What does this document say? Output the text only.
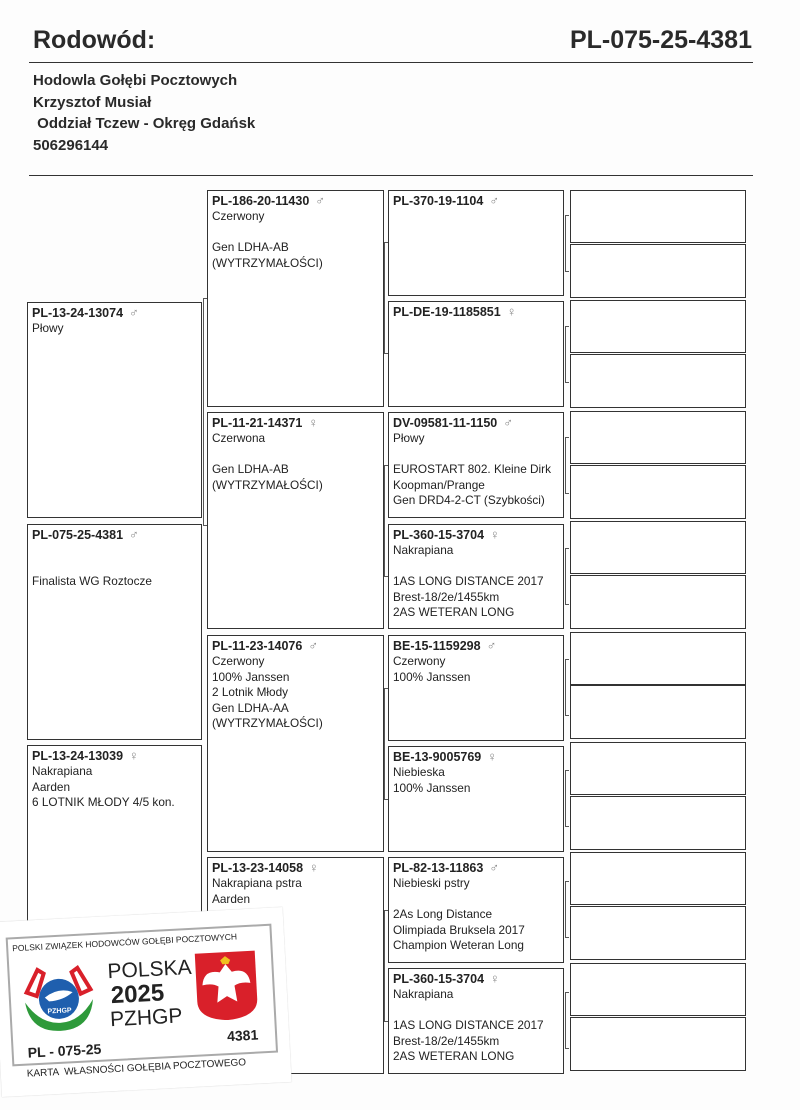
Rodowód:	PL-075-25-4381
Hodowla Gołębi Pocztowych
Krzysztof Musiał
Oddział Tczew - Okręg Gdańsk
506296144
PL-13-24-13074 ♂
Płowy
PL-075-25-4381 ♂
Finalista WG Roztocze
PL-13-24-13039 ♀
Nakrapiana
Aarden
6 LOTNIK MŁODY 4/5 kon.
PL-186-20-11430 ♂
Czerwony
Gen LDHA-AB
(WYTRZYMAŁOŚCI)
PL-11-21-14371 ♀
Czerwona
Gen LDHA-AB
(WYTRZYMAŁOŚCI)
PL-11-23-14076 ♂
Czerwony
100% Janssen
2 Lotnik Młody
Gen LDHA-AA
(WYTRZYMAŁOŚCI)
PL-13-23-14058 ♀
Nakrapiana pstra
Aarden
PL-370-19-1104 ♂
PL-DE-19-1185851 ♀
DV-09581-11-1150 ♂
Płowy
EUROSTART 802. Kleine Dirk
Koopman/Prange
Gen DRD4-2-CT (Szybkości)
PL-360-15-3704 ♀
Nakrapiana
1AS LONG DISTANCE 2017
Brest-18/2e/1455km
2AS WETERAN LONG
BE-15-1159298 ♂
Czerwony
100% Janssen
BE-13-9005769 ♀
Niebieska
100% Janssen
PL-82-13-11863 ♂
Niebieski pstry
2As Long Distance
Olimpiada Bruksela 2017
Champion Weteran Long
PL-360-15-3704 ♀
Nakrapiana
1AS LONG DISTANCE 2017
Brest-18/2e/1455km
2AS WETERAN LONG
POLSKI ZWIĄZEK HODOWCÓW GOŁĘBI POCZTOWYCH
PZHGP
POLSKA
2025
PZHGP
4381
PL - 075-25
KARTA  WŁASNOŚCI GOŁĘBIA POCZTOWEGO
